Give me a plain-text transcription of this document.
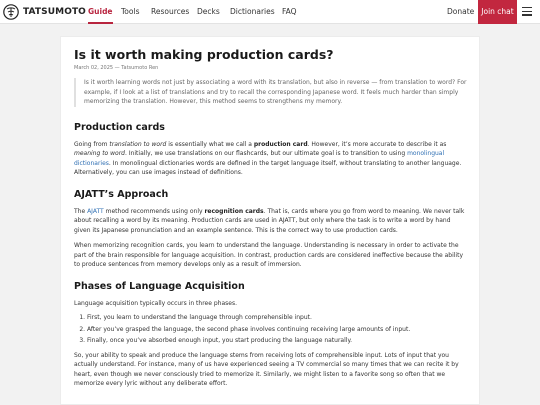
TATSUMOTO Guide Tools Resources Decks Dictionaries FAQ	Donate Join chat
Is it worth making production cards?
March 02, 2025 — Tatsumoto Ren
Is it worth learning words not just by associating a word with its translation, but also in reverse — from translation to word? For example, if I look at a list of translations and try to recall the corresponding Japanese word. It feels much harder than simply memorizing the translation. However, this method seems to strengthens my memory.
Production cards

Going from translation to word is essentially what we call a production card. However, it’s more accurate to describe it as meaning to word. Initially, we use translations on our flashcards, but our ultimate goal is to transition to using monolingual dictionaries. In monolingual dictionaries words are defined in the target language itself, without translating to another language. Alternatively, you can use images instead of definitions.

AJATT’s Approach

The AJATT method recommends using only recognition cards. That is, cards where you go from word to meaning. We never talk about recalling a word by its meaning. Production cards are used in AJATT, but only where the task is to write a word by hand given its Japanese pronunciation and an example sentence. This is the correct way to use production cards.

When memorizing recognition cards, you learn to understand the language. Understanding is necessary in order to activate the part of the brain responsible for language acquisition. In contrast, production cards are considered ineffective because the ability to produce sentences from memory develops only as a result of immersion.

Phases of Language Acquisition

Language acquisition typically occurs in three phases.

1. First, you learn to understand the language through comprehensible input.
2. After you’ve grasped the language, the second phase involves continuing receiving large amounts of input.
3. Finally, once you’ve absorbed enough input, you start producing the language naturally.

So, your ability to speak and produce the language stems from receiving lots of comprehensible input. Lots of input that you actually understand. For instance, many of us have experienced seeing a TV commercial so many times that we can recite it by heart, even though we never consciously tried to memorize it. Similarly, we might listen to a favorite song so often that we memorize every lyric without any deliberate effort.
